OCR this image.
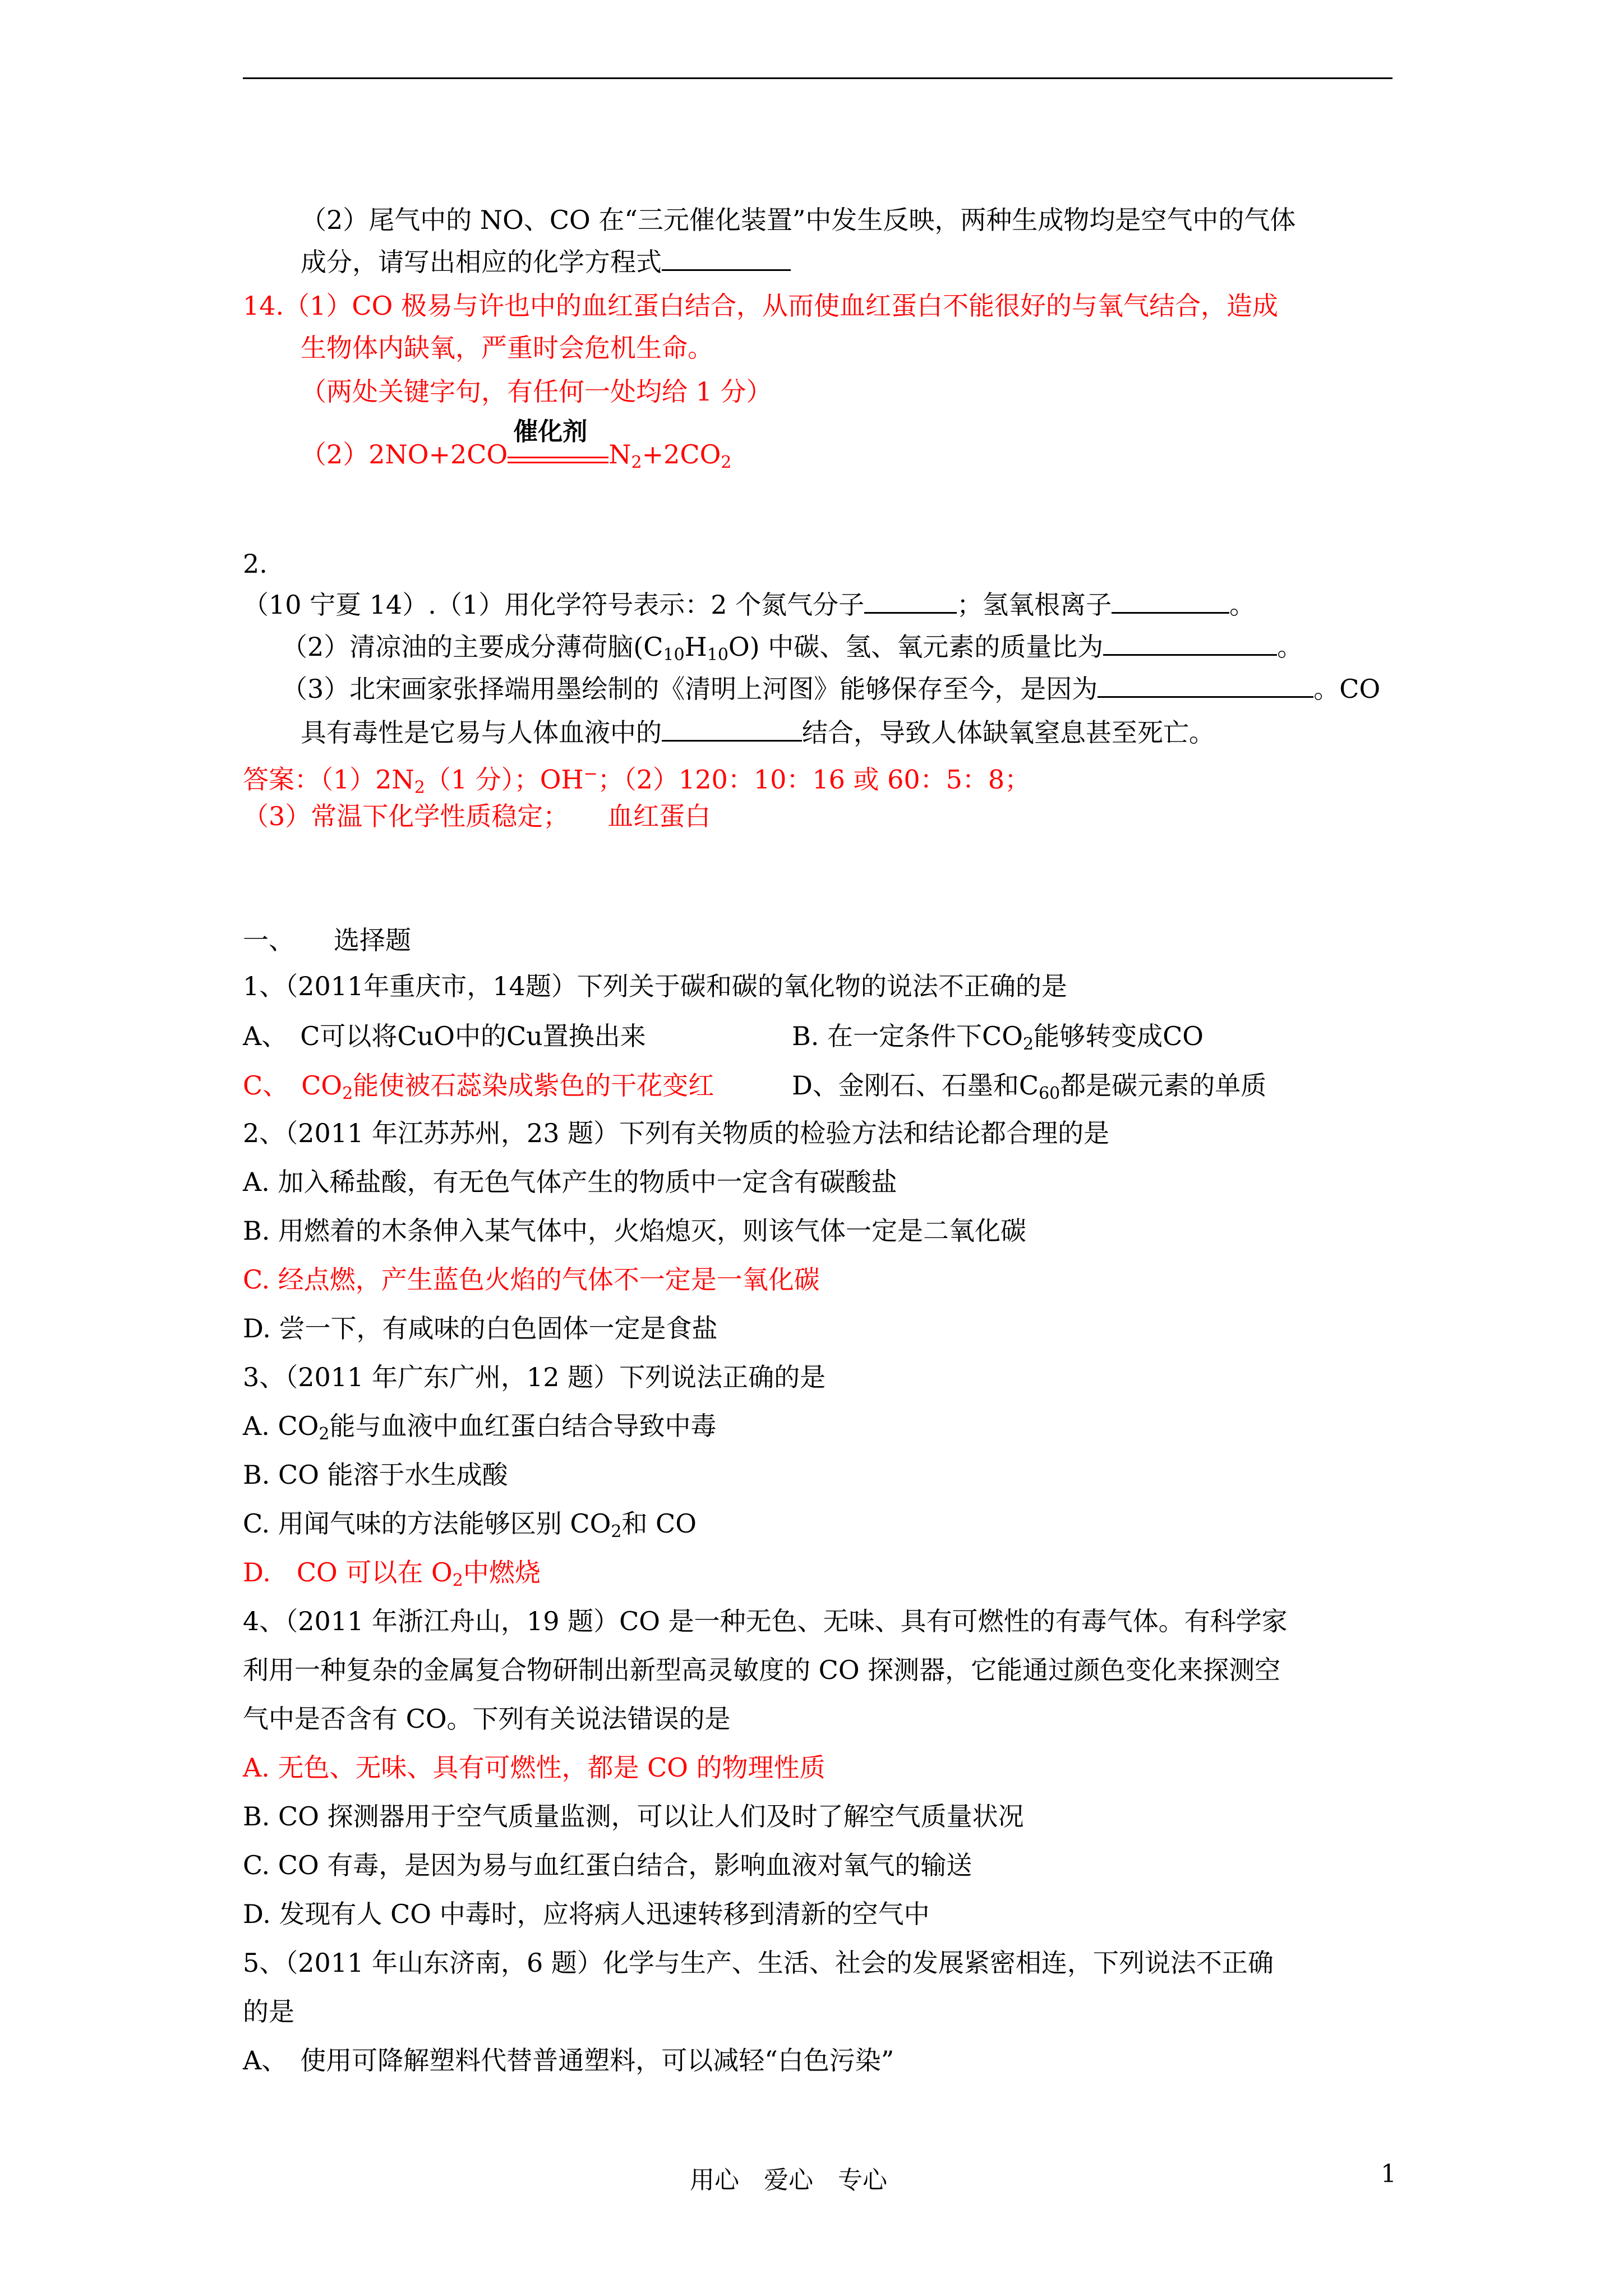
（2）尾气中的 NO、CO 在“三元催化装置”中发生反映，两种生成物均是空气中的气体
成分，请写出相应的化学方程式
14.（1）CO 极易与许也中的血红蛋白结合，从而使血红蛋白不能很好的与氧气结合，造成
生物体内缺氧，严重时会危机生命。
（两处关键字句，有任何一处均给 1 分）
（2）2NO+2CO
催化剂
$N_2+2CO_2$
2.
（10 宁夏 14）.（1）用化学符号表示：2 个氮气分子	；氢氧根离子	。
（2）清凉油的主要成分薄荷脑$(C_{10}H_{10}O)$ 中碳、氢、氧元素的质量比为	。
（3）北宋画家张择端用墨绘制的《清明上河图》能够保存至今，是因为	。CO
具有毒性是它易与人体血液中的	结合，导致人体缺氧窒息甚至死亡。
答案：$(1)2N_2(1$ 分）；OH−；（2）120：10：16 或 60：5：8；
（3）常温下化学性质稳定；　　血红蛋白
一、 选择题
1、（2011年重庆市，14题）下列关于碳和碳的氧化物的说法不正确的是
A、　C可以将CuO中的Cu置换出来	B. 在一定条件下$CO_2$能够转变成CO
C、　$CO_2$能使被石蕊染成紫色的干花变红	D、金刚石、石墨和$C_{60}$都是碳元素的单质
2、（2011 年江苏苏州，23 题）下列有关物质的检验方法和结论都合理的是
A. 加入稀盐酸，有无色气体产生的物质中一定含有碳酸盐
B. 用燃着的木条伸入某气体中，火焰熄灭，则该气体一定是二氧化碳
C. 经点燃，产生蓝色火焰的气体不一定是一氧化碳
D. 尝一下，有咸味的白色固体一定是食盐
3、（2011 年广东广州，12 题）下列说法正确的是
A. $CO_2$能与血液中血红蛋白结合导致中毒
B. CO 能溶于水生成酸
C. 用闻气味的方法能够区别 $CO_2$和 CO
D.　CO 可以在 $O_2$中燃烧
4、（2011 年浙江舟山，19 题）CO 是一种无色、无味、具有可燃性的有毒气体。有科学家
利用一种复杂的金属复合物研制出新型高灵敏度的 CO 探测器，它能通过颜色变化来探测空
气中是否含有 CO。下列有关说法错误的是
A. 无色、无味、具有可燃性，都是 CO 的物理性质
B. CO 探测器用于空气质量监测，可以让人们及时了解空气质量状况
C. CO 有毒，是因为易与血红蛋白结合，影响血液对氧气的输送
D. 发现有人 CO 中毒时，应将病人迅速转移到清新的空气中
5、（2011 年山东济南，6 题）化学与生产、生活、社会的发展紧密相连，下列说法不正确
的是
A、　使用可降解塑料代替普通塑料，可以减轻“白色污染”
用心　爱心　专心	1
